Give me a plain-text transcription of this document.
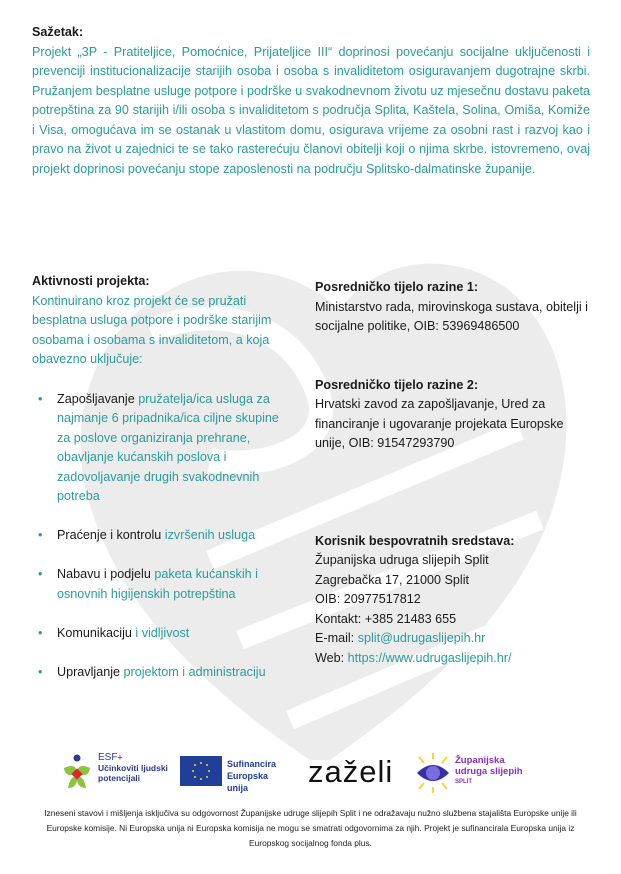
Sažetak:
Projekt „3P - Pratiteljice, Pomoćnice, Prijateljice III“ doprinosi povećanju socijalne uključenosti i prevenciji institucionalizacije starijih osoba i osoba s invaliditetom osiguravanjem dugotrajne skrbi. Pružanjem besplatne usluge potpore i podrške u svakodnevnom životu uz mjesečnu dostavu paketa potrepština za 90 starijih i/ili osoba s invaliditetom s područja Splita, Kaštela, Solina, Omiša, Komiže i Visa, omogućava im se ostanak u vlastitom domu, osigurava vrijeme za osobni rast i razvoj kao i pravo na život u zajednici te se tako rasterećuju članovi obitelji koji o njima skrbe. istovremeno, ovaj projekt doprinosi povećanju stope zaposlenosti na području Splitsko-dalmatinske županije.
Aktivnosti projekta:
Kontinuirano kroz projekt će se pružati besplatna usluga potpore i podrške starijim osobama i osobama s invaliditetom, a koja obavezno uključuje:
• Zapošljavanje pružatelja/ica usluga za najmanje 6 pripadnika/ica ciljne skupine za poslove organiziranja prehrane, obavljanje kućanskih poslova i zadovoljavanje drugih svakodnevnih potreba
• Praćenje i kontrolu izvršenih usluga
• Nabavu i podjelu paketa kućanskih i osnovnih higijenskih potrepština
• Komunikaciju i vidljivost
• Upravljanje projektom i administraciju
Posredničko tijelo razine 1:
Ministarstvo rada, mirovinskoga sustava, obitelji i socijalne politike, OIB: 53969486500
Posredničko tijelo razine 2:
Hrvatski zavod za zapošljavanje, Ured za financiranje i ugovaranje projekata Europske unije, OIB: 91547293790
Korisnik bespovratnih sredstava:
Županijska udruga slijepih Split
Zagrebačka 17, 21000 Split
OIB: 20977517812
Kontakt: +385 21483 655
E-mail: split@udrugaslijepih.hr
Web: https://www.udrugaslijepih.hr/
ESF+
Učinkoviti ljudski
potencijali
Sufinancira
Europska unija	zaželi	Županijska
udruga slijepih
SPLIT
Izneseni stavovi i mišljenja isključiva su odgovornost Županijske udruge slijepih Split i ne odražavaju nužno službena stajališta Europske unije ili Europske komisije. Ni Europska unija ni Europska komisija ne mogu se smatrati odgovornima za njih. Projekt je sufinancirala Europska unija iz Europskog socijalnog fonda plus.
